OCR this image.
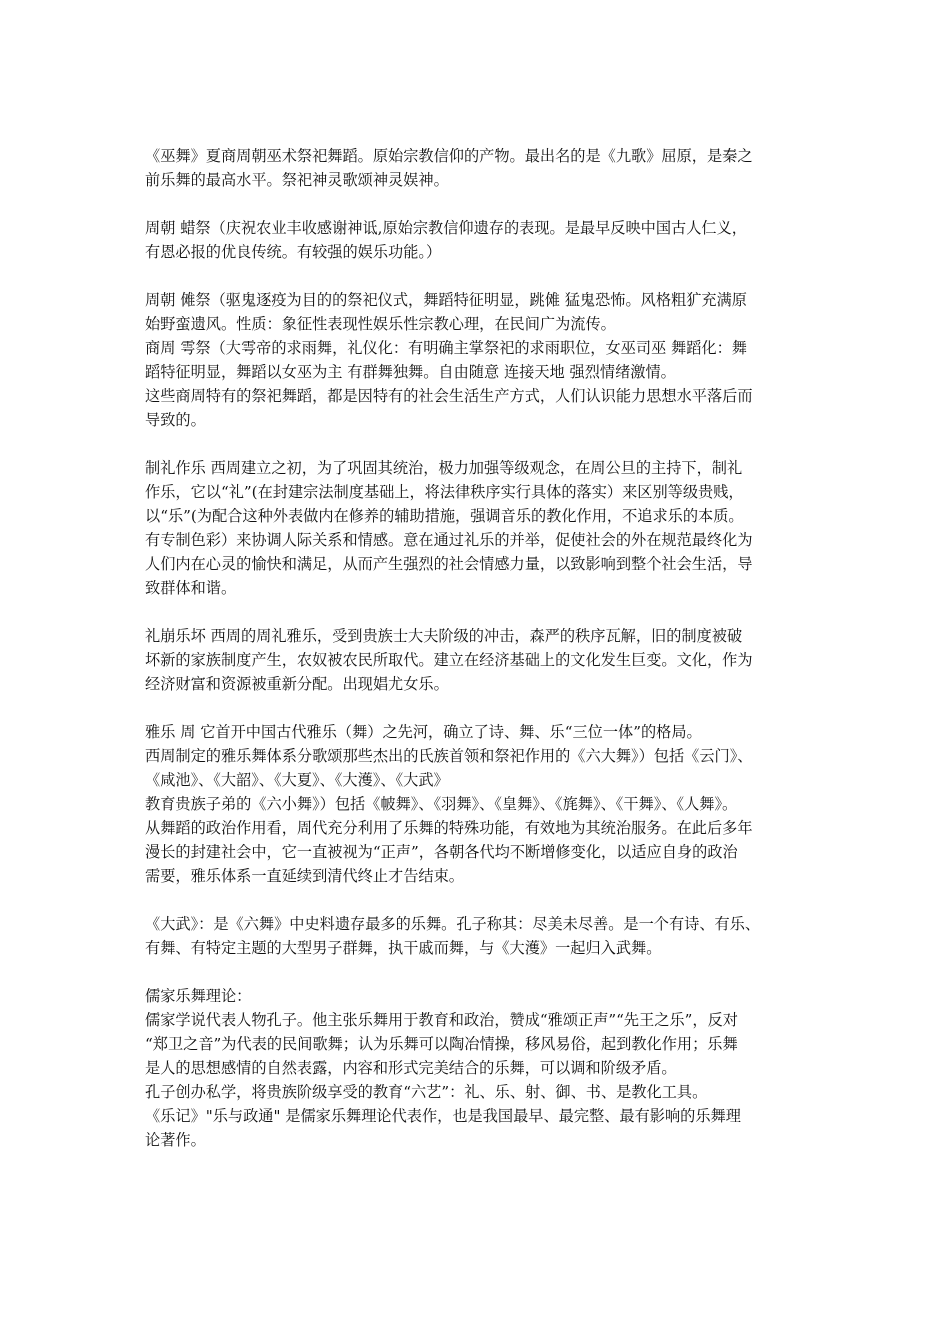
《巫舞》夏商周朝巫术祭祀舞蹈。原始宗教信仰的产物。最出名的是《九歌》屈原，是秦之
前乐舞的最高水平。祭祀神灵歌颂神灵娱神。
周朝 蜡祭（庆祝农业丰收感谢神诋,原始宗教信仰遗存的表现。是最早反映中国古人仁义，
有恩必报的优良传统。有较强的娱乐功能。）
周朝 傩祭（驱鬼逐疫为目的的祭祀仪式，舞蹈特征明显，跳傩 猛鬼恐怖。风格粗犷充满原
始野蛮遗风。性质：象征性表现性娱乐性宗教心理，在民间广为流传。
商周 雩祭（大雩帝的求雨舞，礼仪化：有明确主掌祭祀的求雨职位，女巫司巫 舞蹈化：舞
蹈特征明显，舞蹈以女巫为主 有群舞独舞。自由随意 连接天地 强烈情绪激情。
这些商周特有的祭祀舞蹈，都是因特有的社会生活生产方式，人们认识能力思想水平落后而
导致的。
制礼作乐 西周建立之初，为了巩固其统治，极力加强等级观念，在周公旦的主持下，制礼
作乐，它以“礼”(在封建宗法制度基础上，将法律秩序实行具体的落实）来区别等级贵贱，
以“乐”(为配合这种外表做内在修养的辅助措施，强调音乐的教化作用，不追求乐的本质。
有专制色彩）来协调人际关系和情感。意在通过礼乐的并举，促使社会的外在规范最终化为
人们内在心灵的愉快和满足，从而产生强烈的社会情感力量，以致影响到整个社会生活，导
致群体和谐。
礼崩乐坏 西周的周礼雅乐，受到贵族士大夫阶级的冲击，森严的秩序瓦解，旧的制度被破
坏新的家族制度产生，农奴被农民所取代。建立在经济基础上的文化发生巨变。文化，作为
经济财富和资源被重新分配。出现娼尤女乐。
雅乐 周 它首开中国古代雅乐（舞）之先河，确立了诗、舞、乐“三位一体”的格局。
西周制定的雅乐舞体系分歌颂那些杰出的氏族首领和祭祀作用的《六大舞》）包括《云门》、
《咸池》、《大韶》、《大夏》、《大濩》、《大武》
教育贵族子弟的《六小舞》）包括《帔舞》、《羽舞》、《皇舞》、《旄舞》、《干舞》、《人舞》。
从舞蹈的政治作用看，周代充分利用了乐舞的特殊功能，有效地为其统治服务。在此后多年
漫长的封建社会中，它一直被视为“正声”，各朝各代均不断增修变化，以适应自身的政治
需要，雅乐体系一直延续到清代终止才告结束。
《大武》：是《六舞》中史料遗存最多的乐舞。孔子称其：尽美未尽善。是一个有诗、有乐、
有舞、有特定主题的大型男子群舞，执干戚而舞，与《大濩》一起归入武舞。
儒家乐舞理论：
儒家学说代表人物孔子。他主张乐舞用于教育和政治，赞成“雅颂正声”“先王之乐”，反对
“郑卫之音”为代表的民间歌舞；认为乐舞可以陶冶情操，移风易俗，起到教化作用；乐舞
是人的思想感情的自然表露，内容和形式完美结合的乐舞，可以调和阶级矛盾。
孔子创办私学，将贵族阶级享受的教育“六艺”：礼、乐、射、御、书、是教化工具。
《乐记》"乐与政通" 是儒家乐舞理论代表作，也是我国最早、最完整、最有影响的乐舞理
论著作。
